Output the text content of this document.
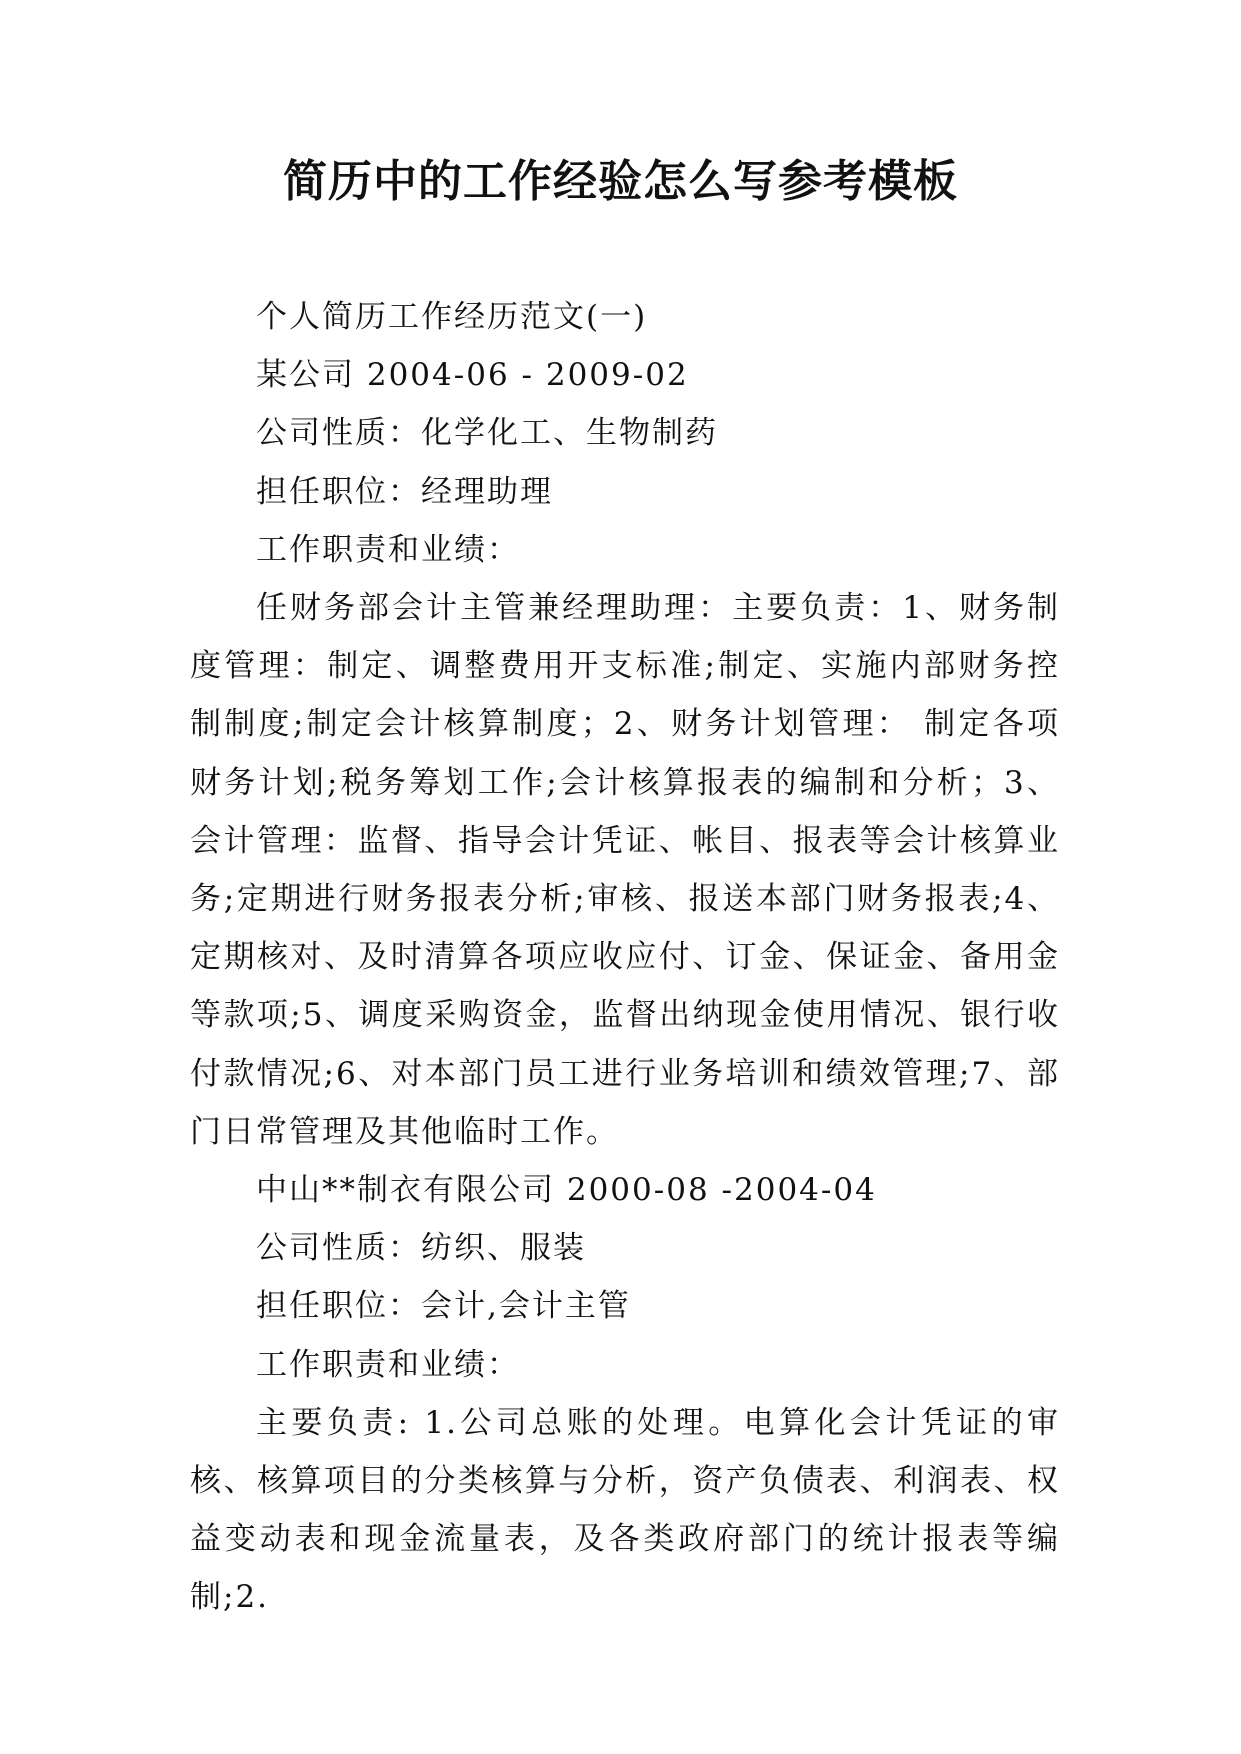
简历中的工作经验怎么写参考模板

个人简历工作经历范文(一)

某公司 2004-06 - 2009-02

公司性质：化学化工、生物制药

担任职位：经理助理

工作职责和业绩：

任财务部会计主管兼经理助理：主要负责：1、财务制度管理：制定、调整费用开支标准;制定、实施内部财务控制制度;制定会计核算制度；2、财务计划管理： 制定各项财务计划;税务筹划工作;会计核算报表的编制和分析；3、会计管理：监督、指导会计凭证、帐目、报表等会计核算业务;定期进行财务报表分析;审核、报送本部门财务报表;4、定期核对、及时清算各项应收应付、订金、保证金、备用金等款项;5、调度采购资金，监督出纳现金使用情况、银行收付款情况;6、对本部门员工进行业务培训和绩效管理;7、部门日常管理及其他临时工作。

中山**制衣有限公司 2000-08 -2004-04

公司性质：纺织、服装

担任职位：会计,会计主管

工作职责和业绩：

主要负责: 1.公司总账的处理。电算化会计凭证的审核、核算项目的分类核算与分析，资产负债表、利润表、权益变动表和现金流量表，及各类政府部门的统计报表等编制;2.
